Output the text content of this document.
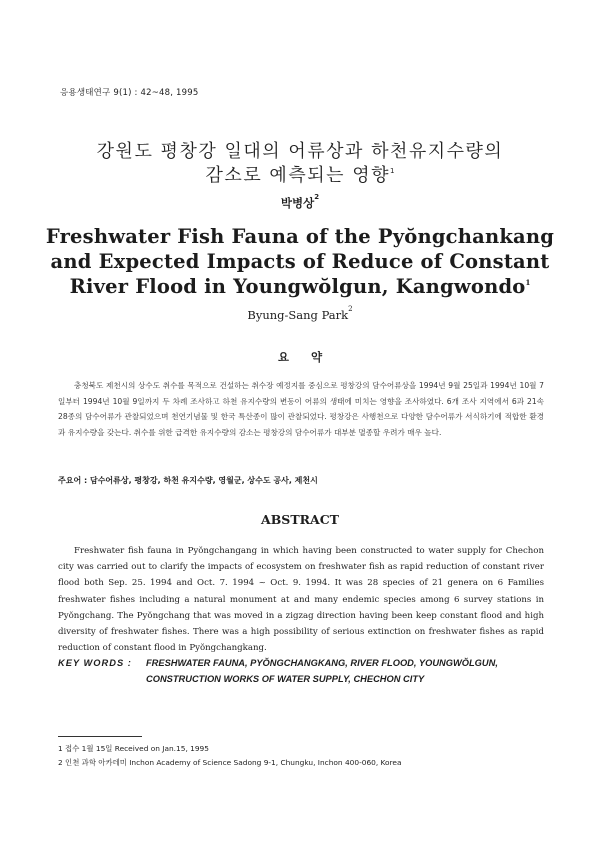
응용생태연구 9(1) : 42~48, 1995
강원도 평창강 일대의 어류상과 하천유지수량의
감소로 예측되는 영향$^1$
박병상$^2$
Freshwater Fish Fauna of the Pyŏngchankang
and Expected Impacts of Reduce of Constant
River Flood in Youngwŏlgun, Kangwondo$^1$
Byung-Sang Park$^2$
요 약
충청북도 제천시의 상수도 취수를 목적으로 건설하는 취수장 예정지를 중심으로 평창강의 담수어류상을 1994년 9월 25일과 1994년 10월 7일부터 1994년 10월 9일까지 두 차례 조사하고 하천 유지수량의 변동이 어류의 생태에 미치는 영향을 조사하였다. 6개 조사 지역에서 6과 21속 28종의 담수어류가 관찰되었으며 천연기념물 및 한국 특산종이 많이 관찰되었다. 평창강은 사행천으로 다양한 담수어류가 서식하기에 적합한 환경과 유지수량을 갖는다. 취수를 위한 급격한 유지수량의 감소는 평창강의 담수어류가 대부분 멸종할 우려가 매우 높다.
주요어 : 담수어류상, 평창강, 하천 유지수량, 영월군, 상수도 공사, 제천시
ABSTRACT
Freshwater fish fauna in Pyŏngchangang in which having been constructed to water supply for Chechon city was carried out to clarify the impacts of ecosystem on freshwater fish as rapid reduction of constant river flood both Sep. 25. 1994 and Oct. 7. 1994 ~ Oct. 9. 1994. It was 28 species of 21 genera on 6 Families freshwater fishes including a natural monument at and many endemic species among 6 survey stations in Pyŏngchang. The Pyŏngchang that was moved in a zigzag direction having been keep constant flood and high diversity of freshwater fishes. There was a high possibility of serious extinction on freshwater fishes as rapid reduction of constant flood in Pyŏngchangkang.
KEY WORDS : FRESHWATER FAUNA, PYŎNGCHANGKANG, RIVER FLOOD, YOUNGWŎLGUN,
CONSTRUCTION WORKS OF WATER SUPPLY, CHECHON CITY
1 접수 1월 15일 Received on Jan.15, 1995
2 인천 과학 아카데미 Inchon Academy of Science Sadong 9-1, Chungku, Inchon 400-060, Korea
